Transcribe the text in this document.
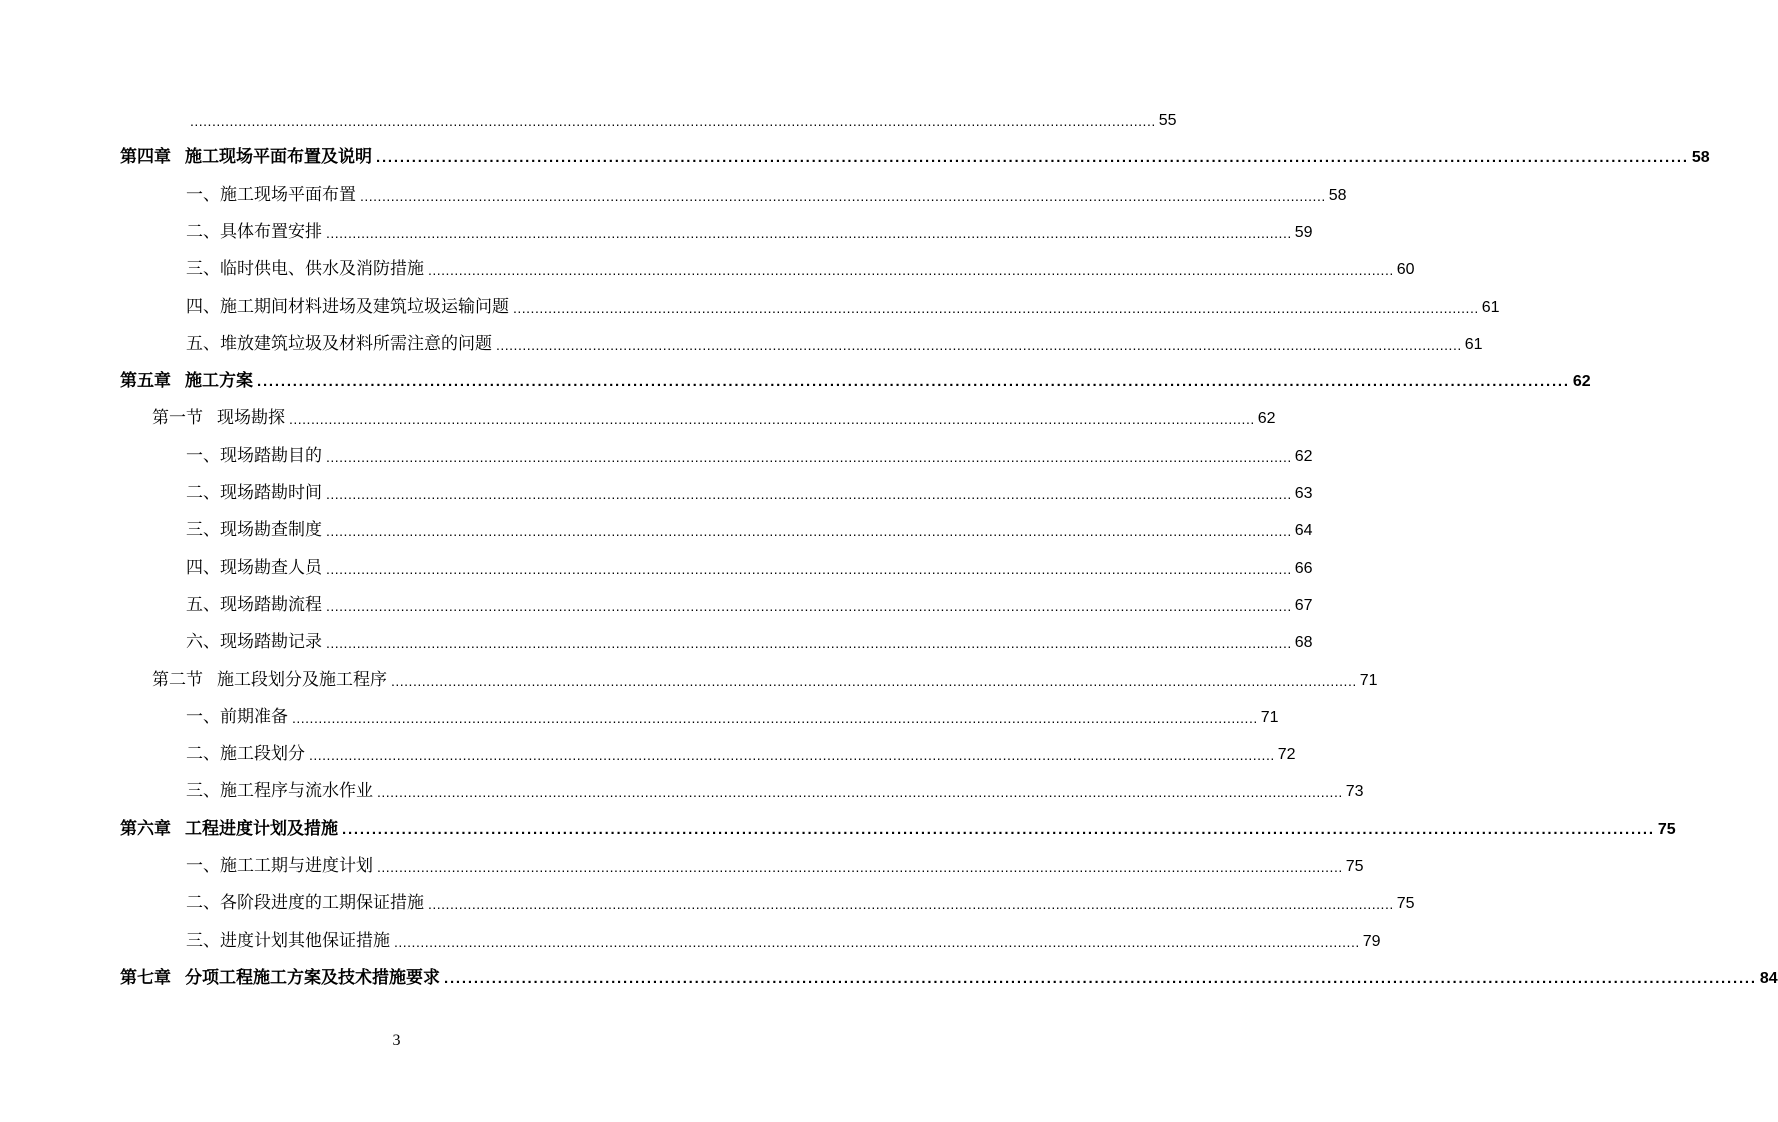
............................................................................................................................................................................................................................ 55
第四章 施工现场平面布置及说明 ............................................................................................................................................................................................................................ 58
一、施工现场平面布置 ............................................................................................................................................................................................................................ 58
二、具体布置安排 ............................................................................................................................................................................................................................ 59
三、临时供电、供水及消防措施 ............................................................................................................................................................................................................................ 60
四、施工期间材料进场及建筑垃圾运输问题 ............................................................................................................................................................................................................................ 61
五、堆放建筑垃圾及材料所需注意的问题 ............................................................................................................................................................................................................................ 61
第五章 施工方案 ............................................................................................................................................................................................................................ 62
第一节 现场勘探 ............................................................................................................................................................................................................................ 62
一、现场踏勘目的 ............................................................................................................................................................................................................................ 62
二、现场踏勘时间 ............................................................................................................................................................................................................................ 63
三、现场勘查制度 ............................................................................................................................................................................................................................ 64
四、现场勘查人员 ............................................................................................................................................................................................................................ 66
五、现场踏勘流程 ............................................................................................................................................................................................................................ 67
六、现场踏勘记录 ............................................................................................................................................................................................................................ 68
第二节 施工段划分及施工程序 ............................................................................................................................................................................................................................ 71
一、前期准备 ............................................................................................................................................................................................................................ 71
二、施工段划分 ............................................................................................................................................................................................................................ 72
三、施工程序与流水作业 ............................................................................................................................................................................................................................ 73
第六章 工程进度计划及措施 ............................................................................................................................................................................................................................ 75
一、施工工期与进度计划 ............................................................................................................................................................................................................................ 75
二、各阶段进度的工期保证措施 ............................................................................................................................................................................................................................ 75
三、进度计划其他保证措施 ............................................................................................................................................................................................................................ 79
第七章 分项工程施工方案及技术措施要求 ............................................................................................................................................................................................................................ 84
3
